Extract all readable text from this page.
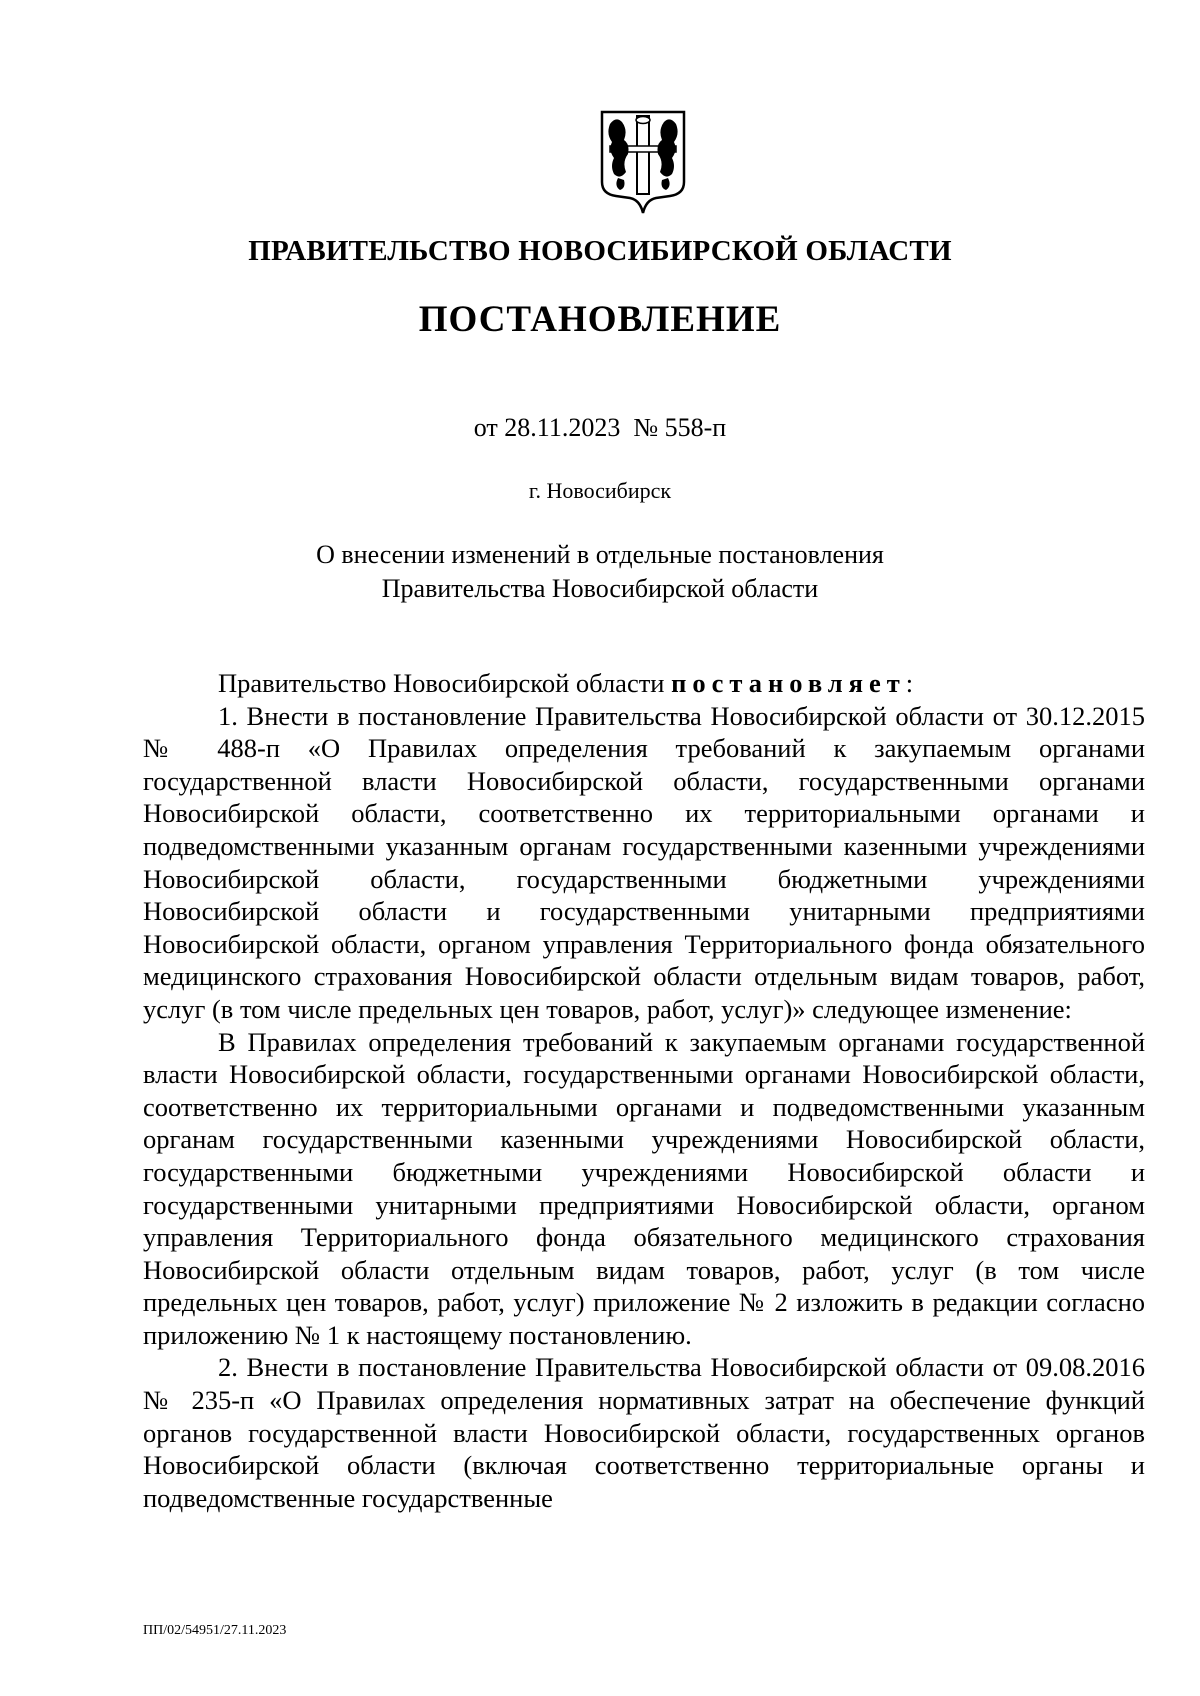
ПРАВИТЕЛЬСТВО НОВОСИБИРСКОЙ ОБЛАСТИ
ПОСТАНОВЛЕНИЕ
от 28.11.2023 № 558-п
г. Новосибирск
О внесении изменений в отдельные постановления
Правительства Новосибирской области

Правительство Новосибирской области постановляет:

1. Внести в постановление Правительства Новосибирской области от 30.12.2015 № 488-п «О Правилах определения требований к закупаемым органами государственной власти Новосибирской области, государственными органами Новосибирской области, соответственно их территориальными органами и подведомственными указанным органам государственными казенными учреждениями Новосибирской области, государственными бюджетными учреждениями Новосибирской области и государственными унитарными предприятиями Новосибирской области, органом управления Территориального фонда обязательного медицинского страхования Новосибирской области отдельным видам товаров, работ, услуг (в том числе предельных цен товаров, работ, услуг)» следующее изменение:

В Правилах определения требований к закупаемым органами государственной власти Новосибирской области, государственными органами Новосибирской области, соответственно их территориальными органами и подведомственными указанным органам государственными казенными учреждениями Новосибирской области, государственными бюджетными учреждениями Новосибирской области и государственными унитарными предприятиями Новосибирской области, органом управления Территориального фонда обязательного медицинского страхования Новосибирской области отдельным видам товаров, работ, услуг (в том числе предельных цен товаров, работ, услуг) приложение № 2 изложить в редакции согласно приложению № 1 к настоящему постановлению.

2. Внести в постановление Правительства Новосибирской области от 09.08.2016 № 235-п «О Правилах определения нормативных затрат на обеспечение функций органов государственной власти Новосибирской области, государственных органов Новосибирской области (включая соответственно территориальные органы и подведомственные государственные

ПП/02/54951/27.11.2023
